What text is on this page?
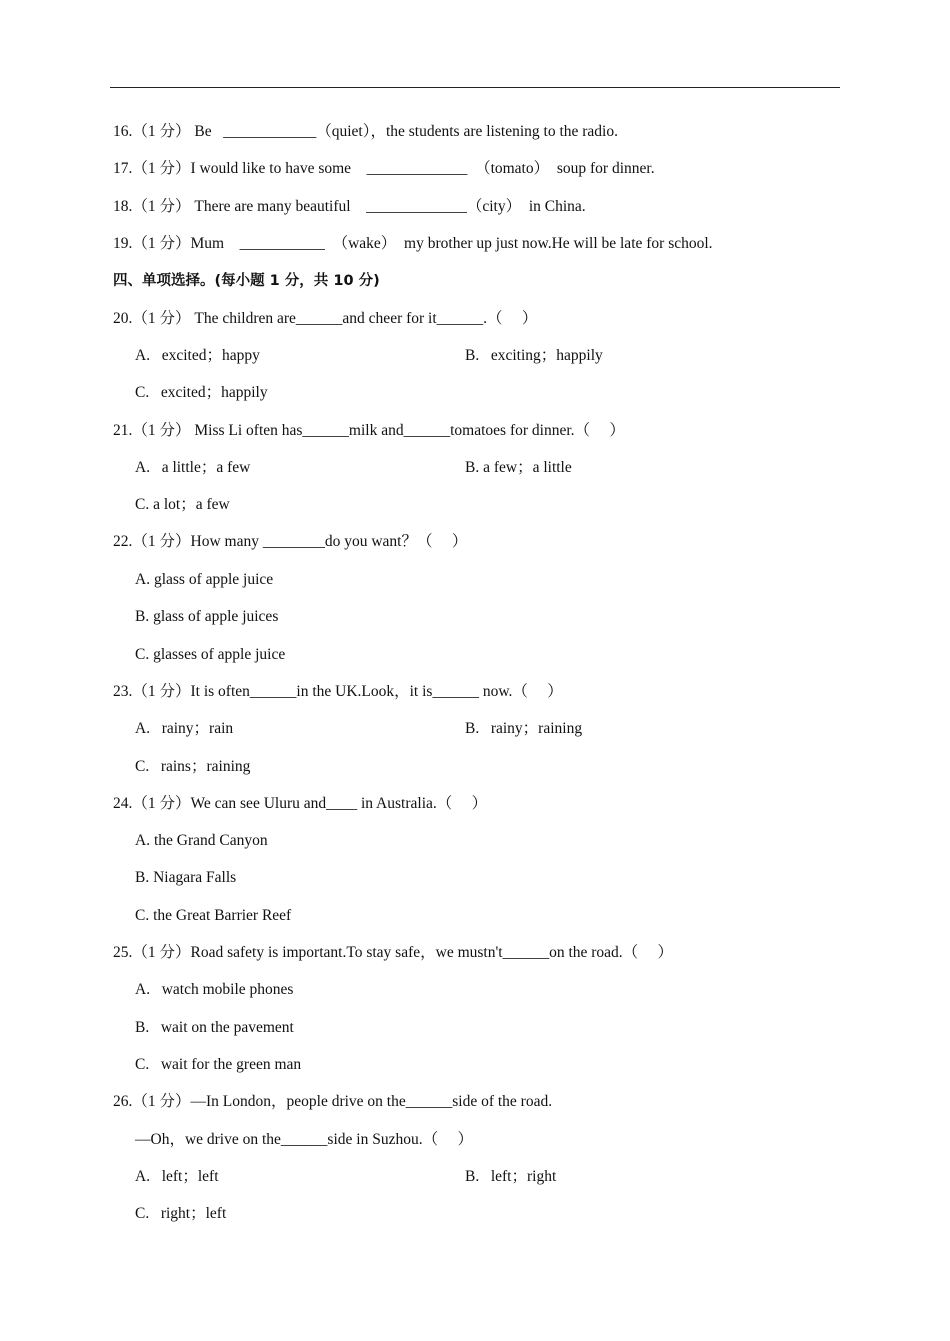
16.（1 分） Be   ____________（quiet），the students are listening to the radio.
17.（1 分）I would like to have some    _____________  （tomato）  soup for dinner.
18.（1 分） There are many beautiful    _____________（city）  in China.
19.（1 分）Mum    ___________  （wake）  my brother up just now.He will be late for school.
四、单项选择。(每小题 1 分，共 10 分)
20.（1 分） The children are______and cheer for it______.（     ）
A.   excited；happy	B.   exciting；happily
C.   excited；happily
21.（1 分） Miss Li often has______milk and______tomatoes for dinner.（     ）
A.   a little；a few	B. a few；a little
C. a lot；a few
22.（1 分）How many ________do you want？（     ）
A. glass of apple juice
B. glass of apple juices
C. glasses of apple juice
23.（1 分）It is often______in the UK.Look，it is______ now.（     ）
A.   rainy；rain	B.   rainy；raining
C.   rains；raining
24.（1 分）We can see Uluru and____ in Australia.（     ）
A. the Grand Canyon
B. Niagara Falls
C. the Great Barrier Reef
25.（1 分）Road safety is important.To stay safe，we mustn't______on the road.（     ）
A.   watch mobile phones
B.   wait on the pavement
C.   wait for the green man
26.（1 分）—In London，people drive on the______side of the road.
—Oh，we drive on the______side in Suzhou.（     ）
A.   left；left	B.   left；right
C.   right；left
